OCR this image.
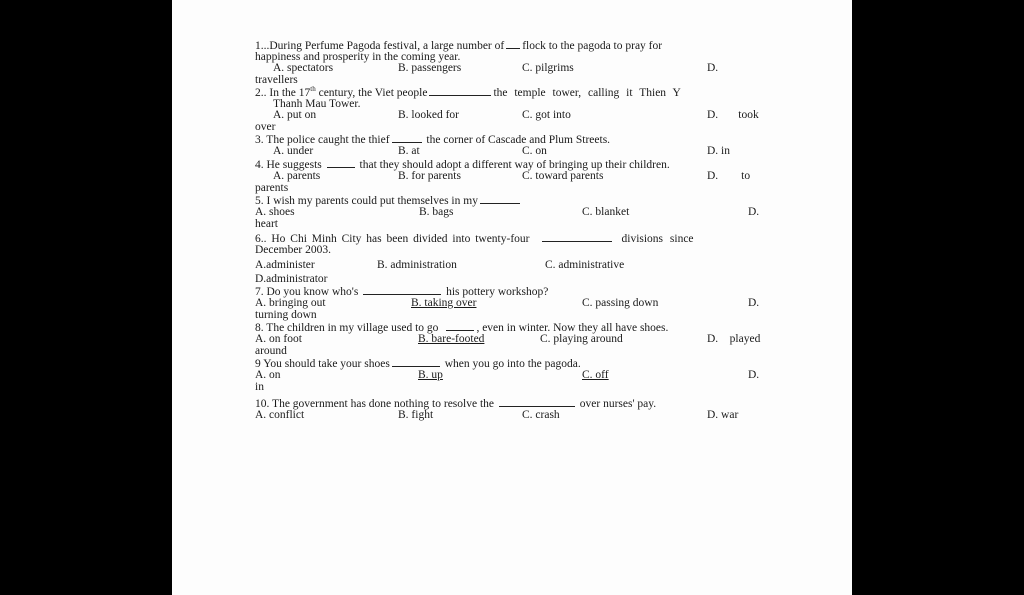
1...During Perfume Pagoda festival, a large number of flock to the pagoda to pray for
happiness and prosperity in the coming year.
A. spectators	B. passengers	C. pilgrims	D.
travellers
2.. In the 17th century, the Viet people	the temple tower, calling it Thien Y
Thanh Mau Tower.
A. put on	B. looked for	C. got into	D.       took
over
3. The police caught the thief	the corner of Cascade and Plum Streets.
A. under	B. at	C. on	D. in
4. He suggests	that they should adopt a different way of bringing up their children.
A. parents	B. for parents	C. toward parents	D.        to
parents
5. I wish my parents could put themselves in my
A. shoes	B. bags	C. blanket	D.
heart
6.. Ho Chi Minh City has been divided into twenty-four	divisions since
December 2003.
A.administer	B. administration	C. administrative
D.administrator
7. Do you know who's	his pottery workshop?
A. bringing out	B. taking over	C. passing down	D.
turning down
8. The children in my village used to go	, even in winter. Now they all have shoes.
A. on foot	B. bare-footed	C. playing around	D.    played
around
9 You should take your shoes	when you go into the pagoda.
A. on	B. up	C. off	D.
in
10. The government has done nothing to resolve the	over nurses' pay.
A. conflict	B. fight	C. crash	D. war
